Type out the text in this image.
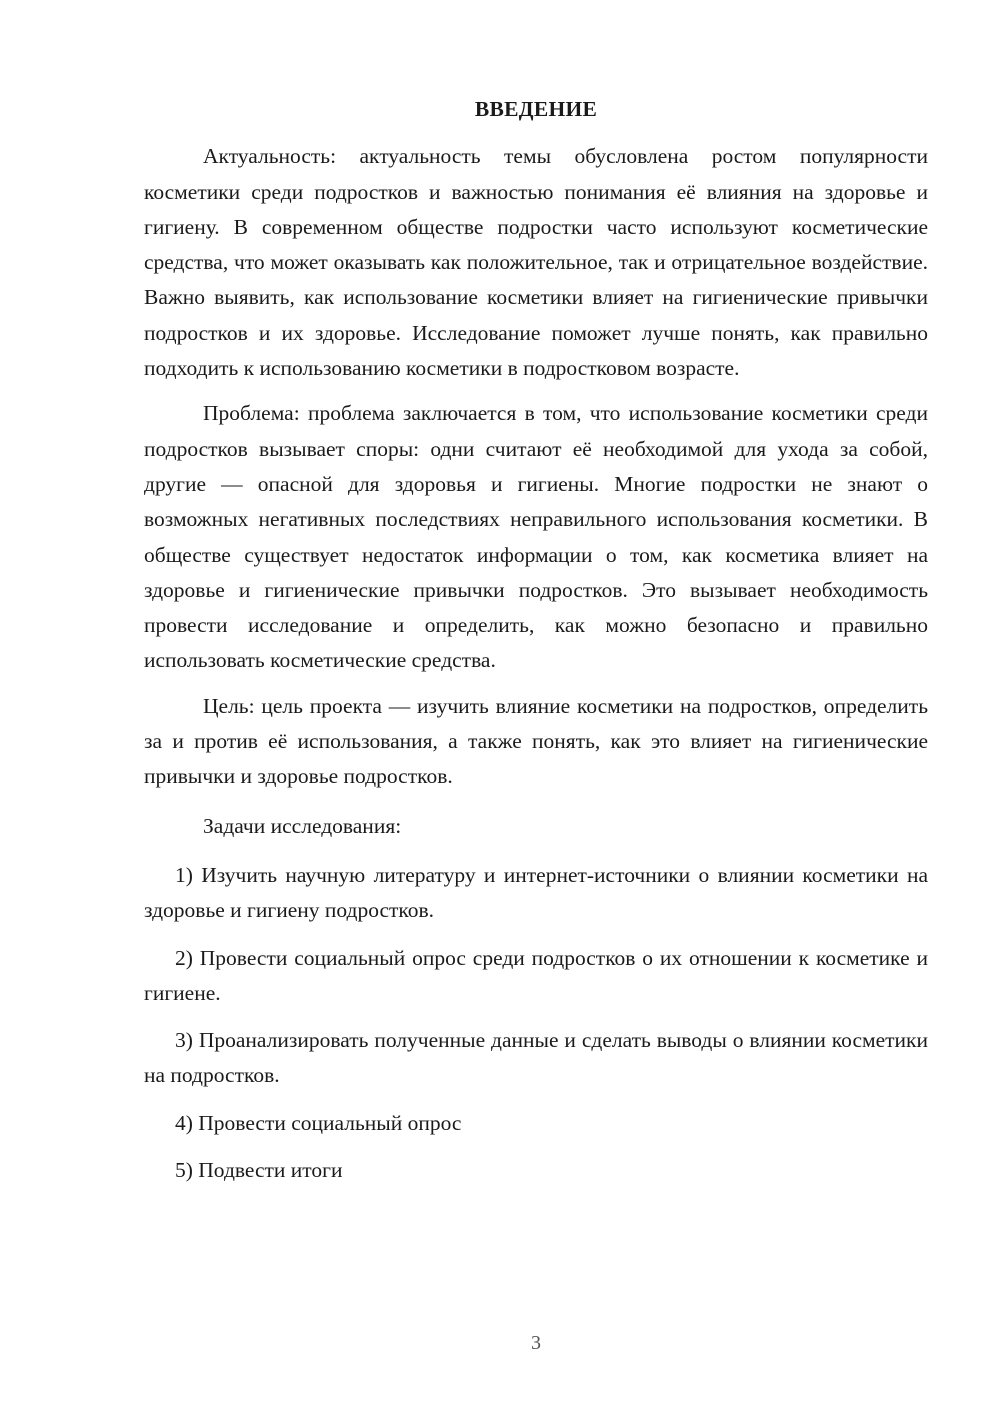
ВВЕДЕНИЕ

Актуальность: актуальность темы обусловлена ростом популярности косметики среди подростков и важностью понимания её влияния на здоровье и гигиену. В современном обществе подростки часто используют косметические средства, что может оказывать как положительное, так и отрицательное воздействие. Важно выявить, как использование косметики влияет на гигиенические привычки подростков и их здоровье. Исследование поможет лучше понять, как правильно подходить к использованию косметики в подростковом возрасте.

Проблема: проблема заключается в том, что использование косметики среди подростков вызывает споры: одни считают её необходимой для ухода за собой, другие — опасной для здоровья и гигиены. Многие подростки не знают о возможных негативных последствиях неправильного использования косметики. В обществе существует недостаток информации о том, как косметика влияет на здоровье и гигиенические привычки подростков. Это вызывает необходимость провести исследование и определить, как можно безопасно и правильно использовать косметические средства.

Цель: цель проекта — изучить влияние косметики на подростков, определить за и против её использования, а также понять, как это влияет на гигиенические привычки и здоровье подростков.

Задачи исследования:

1) Изучить научную литературу и интернет-источники о влиянии косметики на здоровье и гигиену подростков.

2) Провести социальный опрос среди подростков о их отношении к косметике и гигиене.

3) Проанализировать полученные данные и сделать выводы о влиянии косметики на подростков.

4) Провести социальный опрос

5) Подвести итоги

3
